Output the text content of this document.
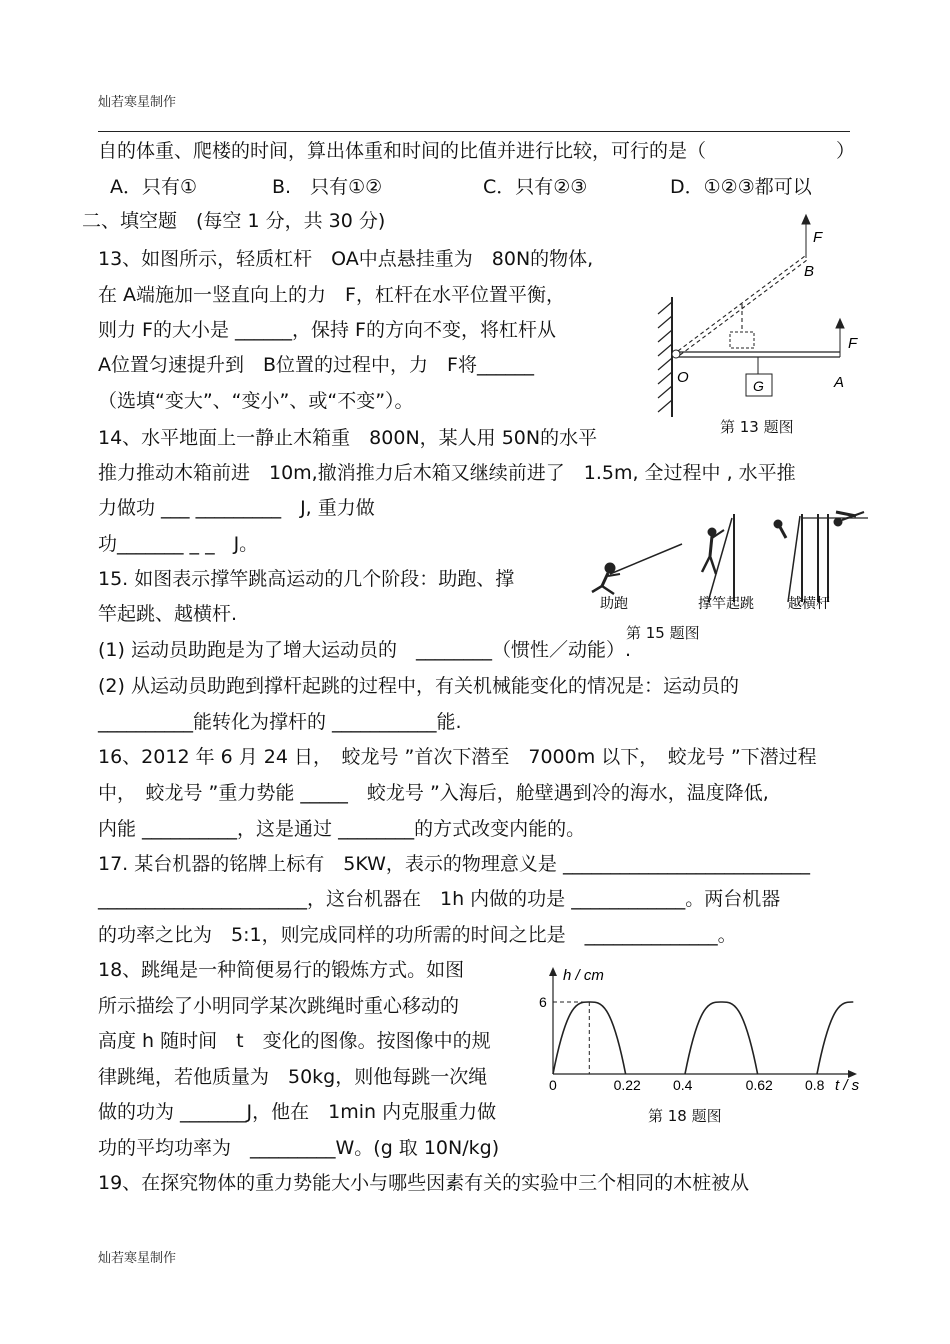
灿若寒星制作
自的体重、爬楼的时间，算出体重和时间的比值并进行比较，可行的是（	）
A．只有①	B.　只有①②	C．只有②③	D．①②③都可以
二、填空题　(每空 1 分，共 30 分)
13、如图所示，轻质杠杆　OA中点悬挂重为　80N的物体,
在 A端施加一竖直向上的力　F，杠杆在水平位置平衡，
则力 F的大小是 ______，保持 F的方向不变，将杠杆从
A位置匀速提升到　B位置的过程中，力　F将______
（选填“变大”、“变小”、或“不变”）。
F
B
F
O	G	A
第 13 题图
14、水平地面上一静止木箱重　800N，某人用 50N的水平
推力推动木箱前进　10m,撤消推力后木箱又继续前进了　1.5m, 全过程中 , 水平推
力做功 ___ _________　J, 重力做
功_______ _ _　J。
助跑	撑竿起跳 越横杆
第 15 题图
15. 如图表示撑竿跳高运动的几个阶段：助跑、撑
竿起跳、越横杆.
(1) 运动员助跑是为了增大运动员的　________（惯性／动能）.
(2) 从运动员助跑到撑杆起跳的过程中，有关机械能变化的情况是：运动员的
__________能转化为撑杆的 ___________能.
16、2012 年 6 月 24 日，　蛟龙号 ”首次下潜至　7000m 以下，　蛟龙号 ”下潜过程
中，　蛟龙号 ”重力势能 _____　蛟龙号 ”入海后，舱壁遇到冷的海水，温度降低,
内能 __________，这是通过 ________的方式改变内能的。
17. 某台机器的铭牌上标有　5KW，表示的物理意义是 __________________________
______________________，这台机器在　1h 内做的功是 ____________。两台机器
的功率之比为　5:1，则完成同样的功所需的时间之比是　______________。
18、跳绳是一种简便易行的锻炼方式。如图
所示描绘了小明同学某次跳绳时重心移动的
高度 h 随时间　t　变化的图像。按图像中的规
律跳绳，若他质量为　50kg，则他每跳一次绳
做的功为 _______J，他在　1min 内克服重力做
功的平均功率为　_________W。(g 取 10N/kg)
6
0	0.22 0.4	0.62 0.8
h / cm
t / s
第 18 题图
19、在探究物体的重力势能大小与哪些因素有关的实验中三个相同的木桩被从
灿若寒星制作
